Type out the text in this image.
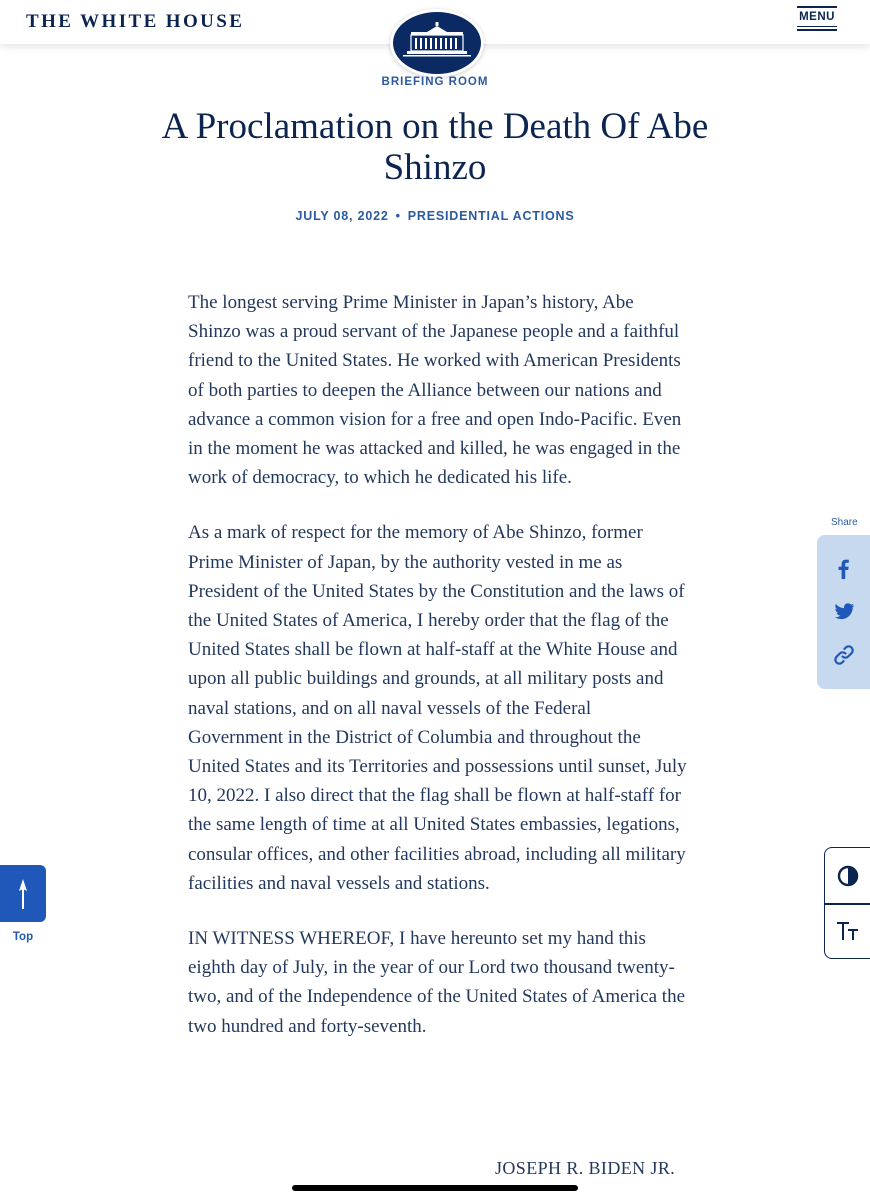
THE WHITE HOUSE	MENU
BRIEFING ROOM
A Proclamation on the Death Of Abe Shinzo
JULY 08, 2022 • PRESIDENTIAL ACTIONS

The longest serving Prime Minister in Japan’s history, Abe Shinzo was a proud servant of the Japanese people and a faithful friend to the United States. He worked with American Presidents of both parties to deepen the Alliance between our nations and advance a common vision for a free and open Indo-Pacific. Even in the moment he was attacked and killed, he was engaged in the work of democracy, to which he dedicated his life.

As a mark of respect for the memory of Abe Shinzo, former Prime Minister of Japan, by the authority vested in me as President of the United States by the Constitution and the laws of the United States of America, I hereby order that the flag of the United States shall be flown at half-staff at the White House and upon all public buildings and grounds, at all military posts and naval stations, and on all naval vessels of the Federal Government in the District of Columbia and throughout the United States and its Territories and possessions until sunset, July 10, 2022. I also direct that the flag shall be flown at half-staff for the same length of time at all United States embassies, legations, consular offices, and other facilities abroad, including all military facilities and naval vessels and stations.

IN WITNESS WHEREOF, I have hereunto set my hand this eighth day of July, in the year of our Lord two thousand twenty-two, and of the Independence of the United States of America the two hundred and forty-seventh.

JOSEPH R. BIDEN JR.
Share
Top
